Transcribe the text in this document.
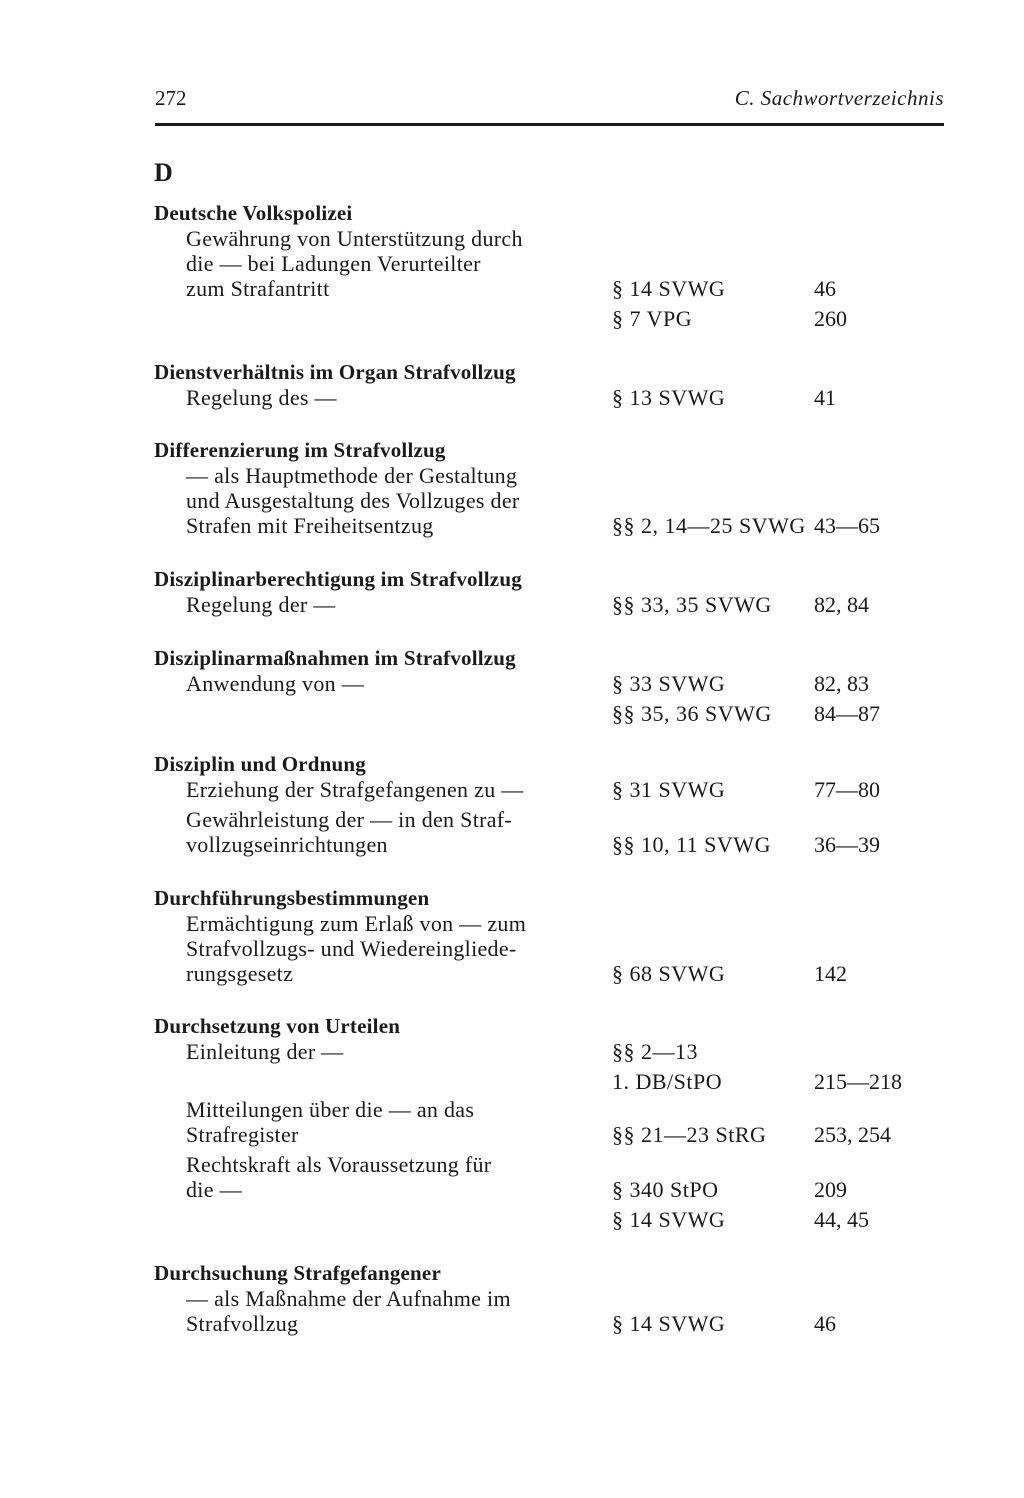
272	C. Sachwortverzeichnis
D
Deutsche Volkspolizei
Gewährung von Unterstützung durch
die — bei Ladungen Verurteilter
zum Strafantritt	§ 14 SVWG	46
§ 7 VPG	260
Dienstverhältnis im Organ Strafvollzug
Regelung des —	§ 13 SVWG	41
Differenzierung im Strafvollzug
— als Hauptmethode der Gestaltung
und Ausgestaltung des Vollzuges der
Strafen mit Freiheitsentzug	§§ 2, 14—25 SVWG 43—65
Disziplinarberechtigung im Strafvollzug
Regelung der —	§§ 33, 35 SVWG 82, 84
Disziplinarmaßnahmen im Strafvollzug
Anwendung von —	§ 33 SVWG	82, 83
§§ 35, 36 SVWG 84—87
Disziplin und Ordnung
Erziehung der Strafgefangenen zu —	§ 31 SVWG	77—80
Gewährleistung der — in den Straf-
vollzugseinrichtungen	§§ 10, 11 SVWG 36—39
Durchführungsbestimmungen
Ermächtigung zum Erlaß von — zum
Strafvollzugs- und Wiedereingliede-
rungsgesetz	§ 68 SVWG	142
Durchsetzung von Urteilen
Einleitung der —	§§ 2—13
1. DB/StPO	215—218
Mitteilungen über die — an das
Strafregister	§§ 21—23 StRG 253, 254
Rechtskraft als Voraussetzung für
die —	§ 340 StPO	209
§ 14 SVWG	44, 45
Durchsuchung Strafgefangener
— als Maßnahme der Aufnahme im
Strafvollzug	§ 14 SVWG	46
